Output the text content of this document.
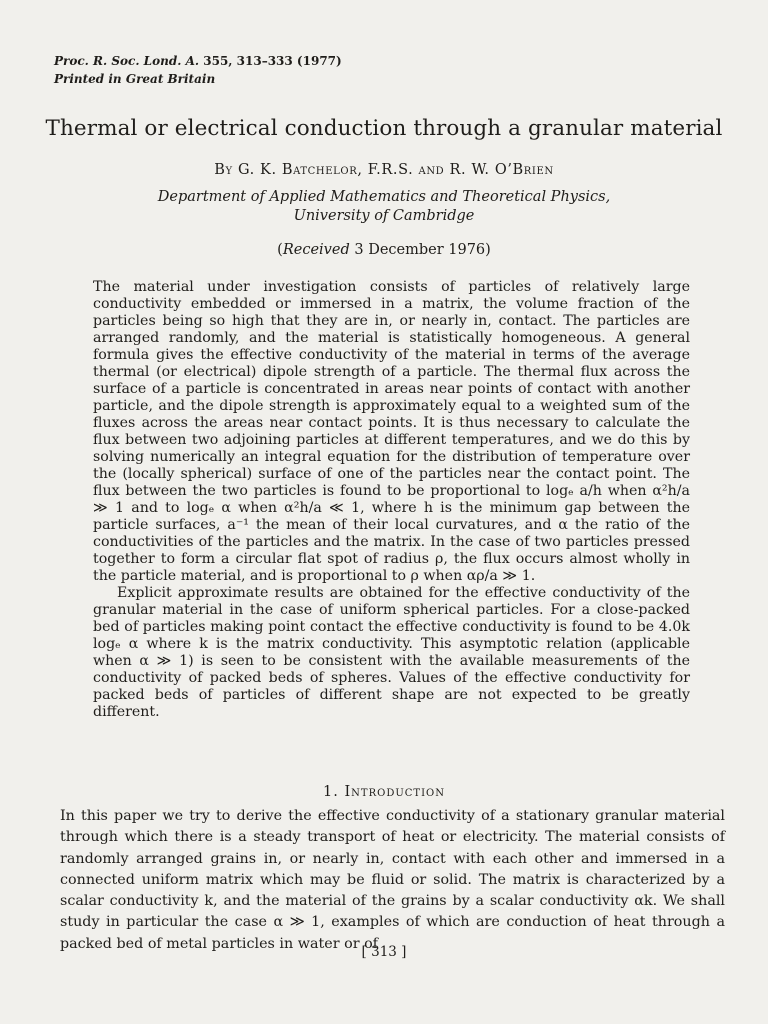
Proc. R. Soc. Lond. A. 355, 313–333 (1977)
Printed in Great Britain
Thermal or electrical conduction through a granular material
By G. K. Batchelor, F.R.S. and R. W. O’Brien
Department of Applied Mathematics and Theoretical Physics,
University of Cambridge
(Received 3 December 1976)

The material under investigation consists of particles of relatively large conductivity embedded or immersed in a matrix, the volume fraction of the particles being so high that they are in, or nearly in, contact. The particles are arranged randomly, and the material is statistically homogeneous. A general formula gives the effective conductivity of the material in terms of the average thermal (or electrical) dipole strength of a particle. The thermal flux across the surface of a particle is concentrated in areas near points of contact with another particle, and the dipole strength is approximately equal to a weighted sum of the fluxes across the areas near contact points. It is thus necessary to calculate the flux between two adjoining particles at different temperatures, and we do this by solving numerically an integral equation for the distribution of temperature over the (locally spherical) surface of one of the particles near the contact point. The flux between the two particles is found to be proportional to logₑ a/h when α²h/a ≫ 1 and to logₑ α when α²h/a ≪ 1, where h is the minimum gap between the particle surfaces, a⁻¹ the mean of their local curvatures, and α the ratio of the conductivities of the particles and the matrix. In the case of two particles pressed together to form a circular flat spot of radius ρ, the flux occurs almost wholly in the particle material, and is proportional to ρ when αρ/a ≫ 1.

Explicit approximate results are obtained for the effective conductivity of the granular material in the case of uniform spherical particles. For a close-packed bed of particles making point contact the effective conductivity is found to be 4.0k logₑ α where k is the matrix conductivity. This asymptotic relation (applicable when α ≫ 1) is seen to be consistent with the available measurements of the conductivity of packed beds of spheres. Values of the effective conductivity for packed beds of particles of different shape are not expected to be greatly different.

1. Introduction

In this paper we try to derive the effective conductivity of a stationary granular material through which there is a steady transport of heat or electricity. The material consists of randomly arranged grains in, or nearly in, contact with each other and immersed in a connected uniform matrix which may be fluid or solid. The matrix is characterized by a scalar conductivity k, and the material of the grains by a scalar conductivity αk. We shall study in particular the case α ≫ 1, examples of which are conduction of heat through a packed bed of metal particles in water or of

[ 313 ]
